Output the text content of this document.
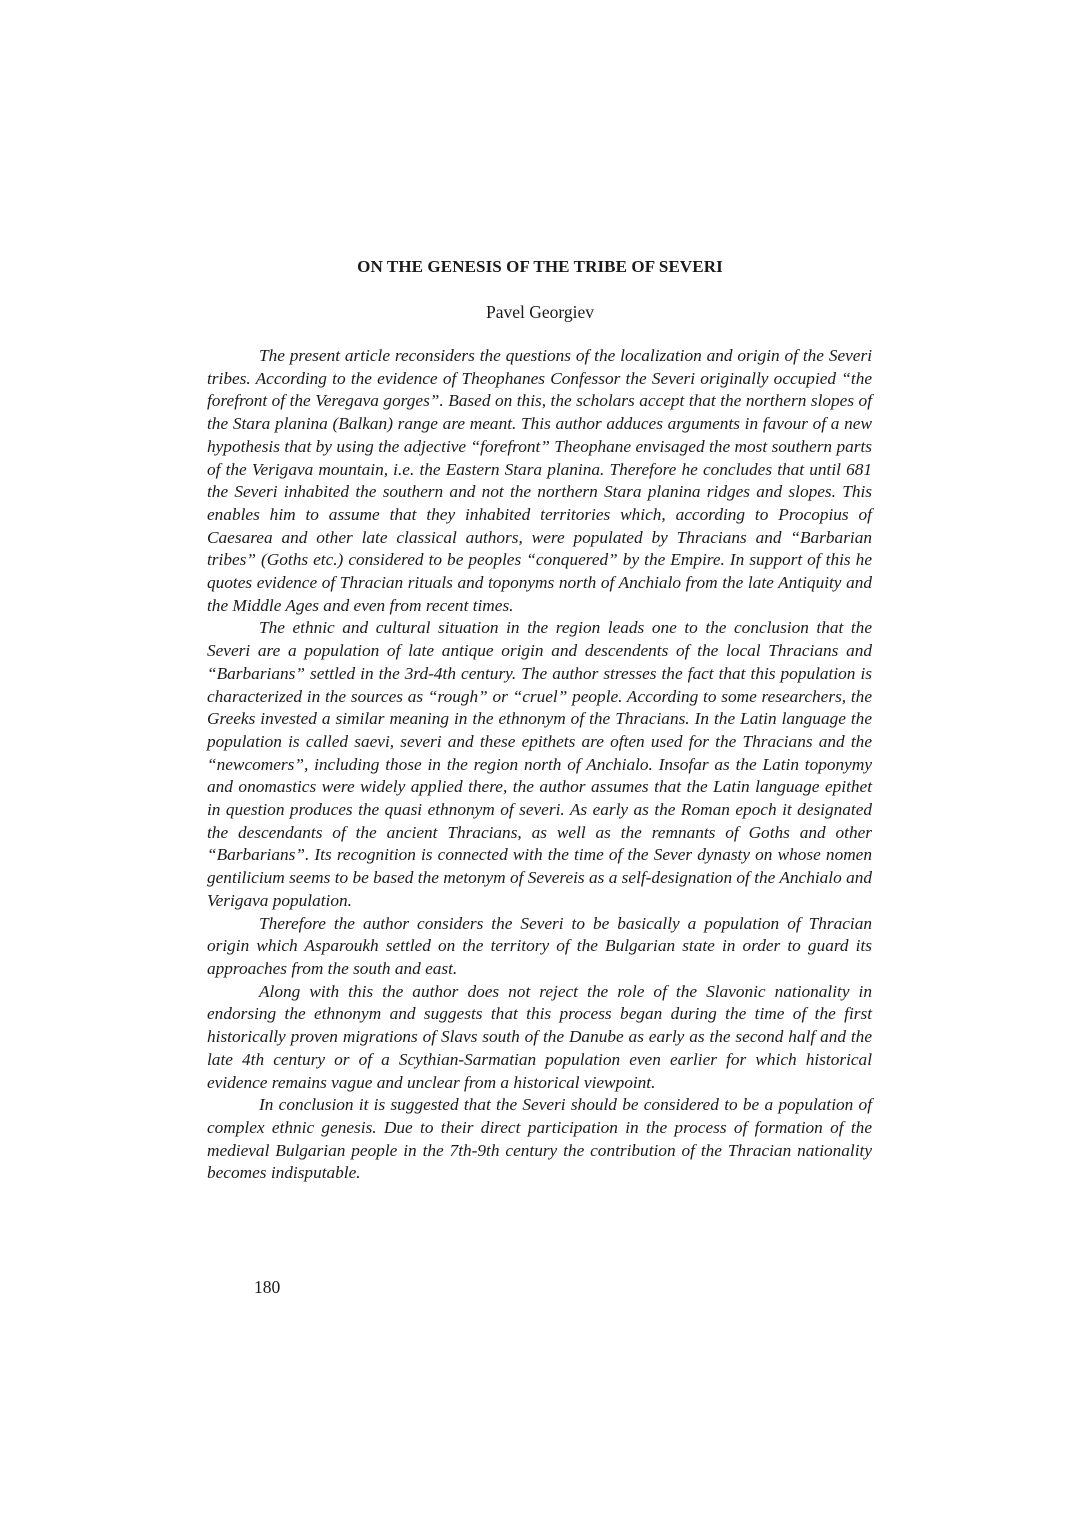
ON THE GENESIS OF THE TRIBE OF SEVERI
Pavel Georgiev

The present article reconsiders the questions of the localization and origin of the Severi tribes. According to the evidence of Theophanes Confessor the Severi originally occupied “the forefront of the Veregava gorges”. Based on this, the scholars accept that the northern slopes of the Stara planina (Balkan) range are meant. This author adduces arguments in favour of a new hypothesis that by using the adjective “forefront” Theophane envisaged the most southern parts of the Verigava mountain, i.e. the Eastern Stara planina. Therefore he concludes that until 681 the Severi inhabited the southern and not the northern Stara planina ridges and slopes. This enables him to assume that they inhabited territories which, according to Procopius of Caesarea and other late classical authors, were populated by Thracians and “Barbarian tribes” (Goths etc.) considered to be peoples “conquered” by the Empire. In support of this he quotes evidence of Thracian rituals and toponyms north of Anchialo from the late Antiquity and the Middle Ages and even from recent times.

The ethnic and cultural situation in the region leads one to the conclusion that the Severi are a population of late antique origin and descendents of the local Thracians and “Barbarians” settled in the 3rd-4th century. The author stresses the fact that this population is characterized in the sources as “rough” or “cruel” people. According to some researchers, the Greeks invested a similar meaning in the ethnonym of the Thracians. In the Latin language the population is called saevi, severi and these epithets are often used for the Thracians and the “newcomers”, including those in the region north of Anchialo. Insofar as the Latin toponymy and onomastics were widely applied there, the author assumes that the Latin language epithet in question produces the quasi ethnonym of severi. As early as the Roman epoch it designated the descendants of the ancient Thracians, as well as the remnants of Goths and other “Barbarians”. Its recognition is connected with the time of the Sever dynasty on whose nomen gentilicium seems to be based the metonym of Severeis as a self-designation of the Anchialo and Verigava population.

Therefore the author considers the Severi to be basically a population of Thracian origin which Asparoukh settled on the territory of the Bulgarian state in order to guard its approaches from the south and east.

Along with this the author does not reject the role of the Slavonic nationality in endorsing the ethnonym and suggests that this process began during the time of the first historically proven migrations of Slavs south of the Danube as early as the second half and the late 4th century or of a Scythian-Sarmatian population even earlier for which historical evidence remains vague and unclear from a historical viewpoint.

In conclusion it is suggested that the Severi should be considered to be a population of complex ethnic genesis. Due to their direct participation in the process of formation of the medieval Bulgarian people in the 7th-9th century the contribution of the Thracian nationality becomes indisputable.

180
